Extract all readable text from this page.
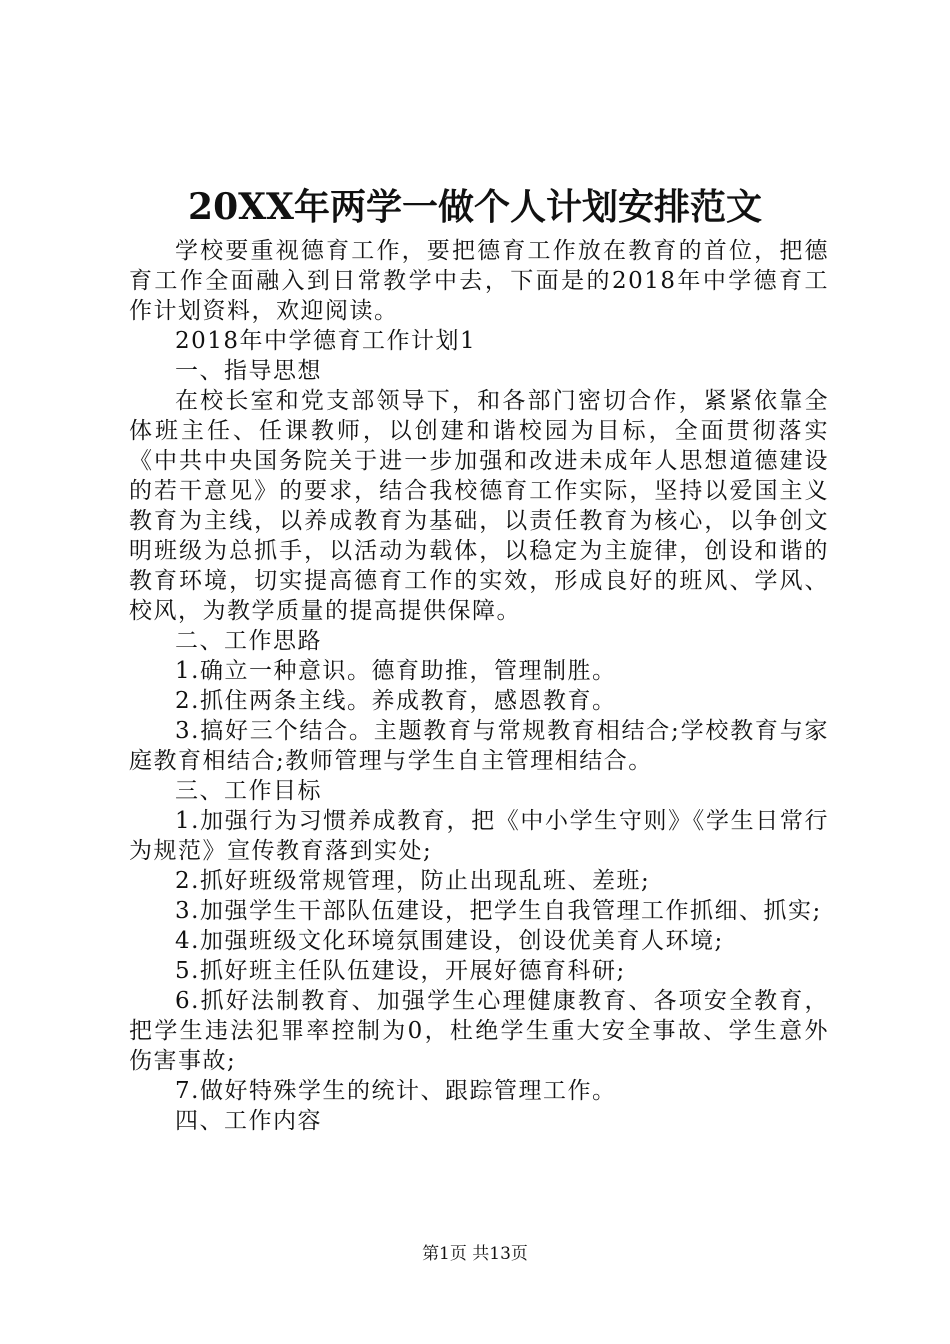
20XX年两学一做个人计划安排范文

学校要重视德育工作，要把德育工作放在教育的首位，把德育工作全面融入到日常教学中去，下面是的2018年中学德育工作计划资料，欢迎阅读。

2018年中学德育工作计划1

一、指导思想

在校长室和党支部领导下，和各部门密切合作，紧紧依靠全体班主任、任课教师，以创建和谐校园为目标，全面贯彻落实《中共中央国务院关于进一步加强和改进未成年人思想道德建设的若干意见》的要求，结合我校德育工作实际，坚持以爱国主义教育为主线，以养成教育为基础，以责任教育为核心，以争创文明班级为总抓手，以活动为载体，以稳定为主旋律，创设和谐的教育环境，切实提高德育工作的实效，形成良好的班风、学风、校风，为教学质量的提高提供保障。

二、工作思路

1.确立一种意识。德育助推，管理制胜。

2.抓住两条主线。养成教育，感恩教育。

3.搞好三个结合。主题教育与常规教育相结合;学校教育与家庭教育相结合;教师管理与学生自主管理相结合。

三、工作目标

1.加强行为习惯养成教育，把《中小学生守则》《学生日常行为规范》宣传教育落到实处;

2.抓好班级常规管理，防止出现乱班、差班;

3.加强学生干部队伍建设，把学生自我管理工作抓细、抓实;

4.加强班级文化环境氛围建设，创设优美育人环境;

5.抓好班主任队伍建设，开展好德育科研;

6.抓好法制教育、加强学生心理健康教育、各项安全教育，把学生违法犯罪率控制为0，杜绝学生重大安全事故、学生意外伤害事故;

7.做好特殊学生的统计、跟踪管理工作。

四、工作内容

第1页 共13页
